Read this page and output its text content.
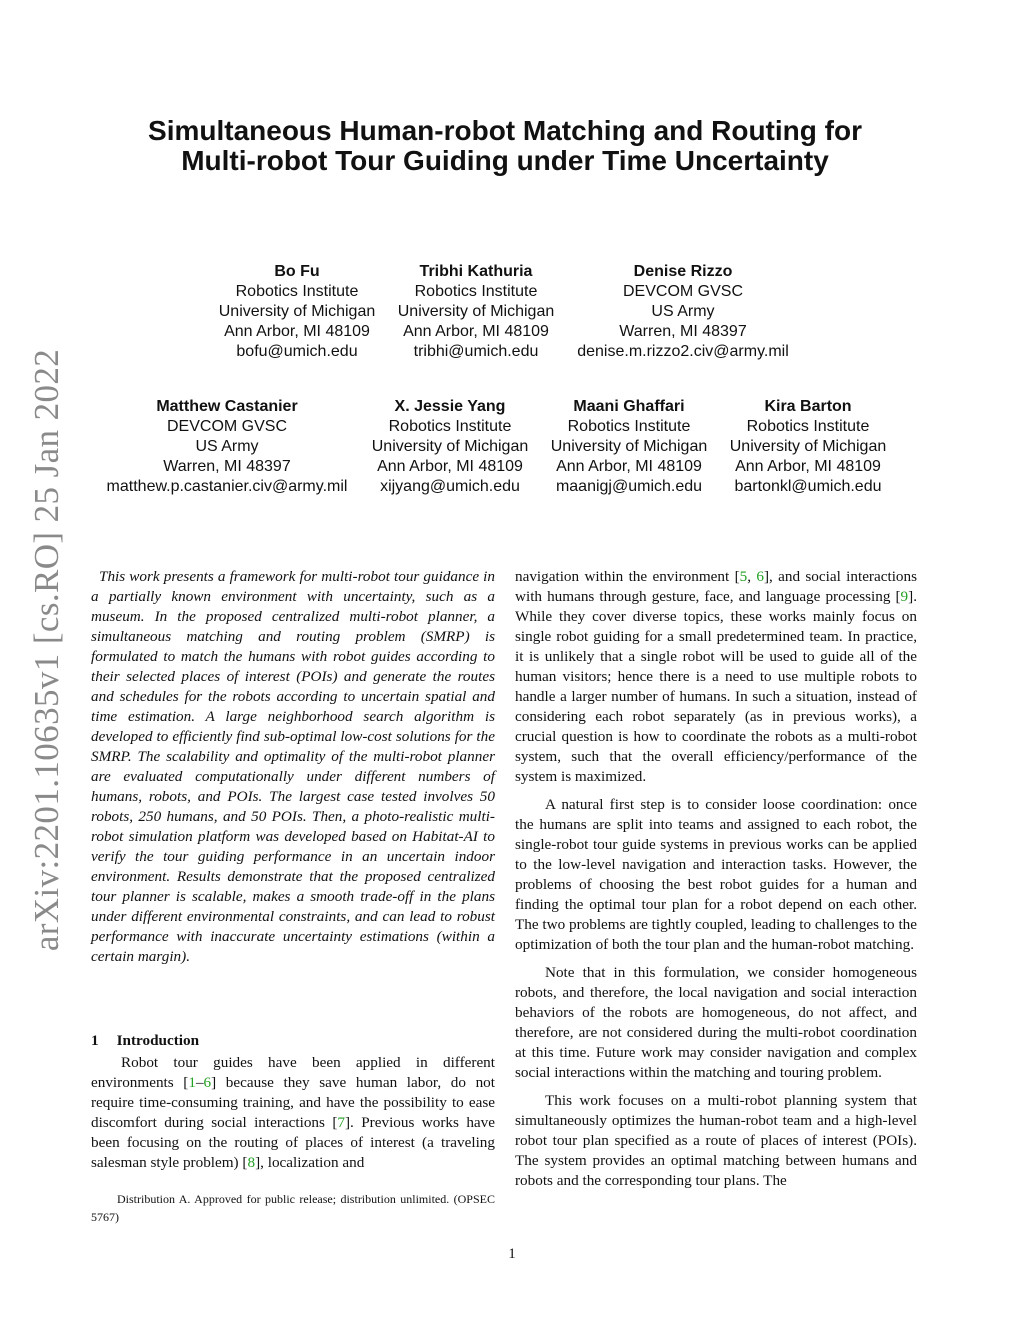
arXiv:2201.10635v1 [cs.RO] 25 Jan 2022
Simultaneous Human-robot Matching and Routing for Multi-robot Tour Guiding under Time Uncertainty
Bo Fu
Robotics Institute
University of Michigan
Ann Arbor, MI 48109
bofu@umich.edu
Tribhi Kathuria
Robotics Institute
University of Michigan
Ann Arbor, MI 48109
tribhi@umich.edu
Denise Rizzo
DEVCOM GVSC
US Army
Warren, MI 48397
denise.m.rizzo2.civ@army.mil
Matthew Castanier
DEVCOM GVSC
US Army
Warren, MI 48397
matthew.p.castanier.civ@army.mil
X. Jessie Yang
Robotics Institute
University of Michigan
Ann Arbor, MI 48109
xijyang@umich.edu
Maani Ghaffari
Robotics Institute
University of Michigan
Ann Arbor, MI 48109
maanigj@umich.edu
Kira Barton
Robotics Institute
University of Michigan
Ann Arbor, MI 48109
bartonkl@umich.edu
This work presents a framework for multi-robot tour guidance in a partially known environment with uncertainty, such as a museum. In the proposed centralized multi-robot planner, a simultaneous matching and routing problem (SMRP) is formulated to match the humans with robot guides according to their selected places of interest (POIs) and generate the routes and schedules for the robots according to uncertain spatial and time estimation. A large neighborhood search algorithm is developed to efficiently find sub-optimal low-cost solutions for the SMRP. The scalability and optimality of the multi-robot planner are evaluated computationally under different numbers of humans, robots, and POIs. The largest case tested involves 50 robots, 250 humans, and 50 POIs. Then, a photo-realistic multi-robot simulation platform was developed based on Habitat-AI to verify the tour guiding performance in an uncertain indoor environment. Results demonstrate that the proposed centralized tour planner is scalable, makes a smooth trade-off in the plans under different environmental constraints, and can lead to robust performance with inaccurate uncertainty estimations (within a certain margin).
1 Introduction
Robot tour guides have been applied in different environments [1–6] because they save human labor, do not require time-consuming training, and have the possibility to ease discomfort during social interactions [7]. Previous works have been focusing on the routing of places of interest (a traveling salesman style problem) [8], localization and

navigation within the environment [5, 6], and social interactions with humans through gesture, face, and language processing [9]. While they cover diverse topics, these works mainly focus on single robot guiding for a small predetermined team. In practice, it is unlikely that a single robot will be used to guide all of the human visitors; hence there is a need to use multiple robots to handle a larger number of humans. In such a situation, instead of considering each robot separately (as in previous works), a crucial question is how to coordinate the robots as a multi-robot system, such that the overall efficiency/performance of the system is maximized.

A natural first step is to consider loose coordination: once the humans are split into teams and assigned to each robot, the single-robot tour guide systems in previous works can be applied to the low-level navigation and interaction tasks. However, the problems of choosing the best robot guides for a human and finding the optimal tour plan for a robot depend on each other. The two problems are tightly coupled, leading to challenges to the optimization of both the tour plan and the human-robot matching.

Note that in this formulation, we consider homogeneous robots, and therefore, the local navigation and social interaction behaviors of the robots are homogeneous, do not affect, and therefore, are not considered during the multi-robot coordination at this time. Future work may consider navigation and complex social interactions within the matching and touring problem.

This work focuses on a multi-robot planning system that simultaneously optimizes the human-robot team and a high-level robot tour plan specified as a route of places of interest (POIs). The system provides an optimal matching between humans and robots and the corresponding tour plans. The

Distribution A. Approved for public release; distribution unlimited. (OPSEC 5767)
1
